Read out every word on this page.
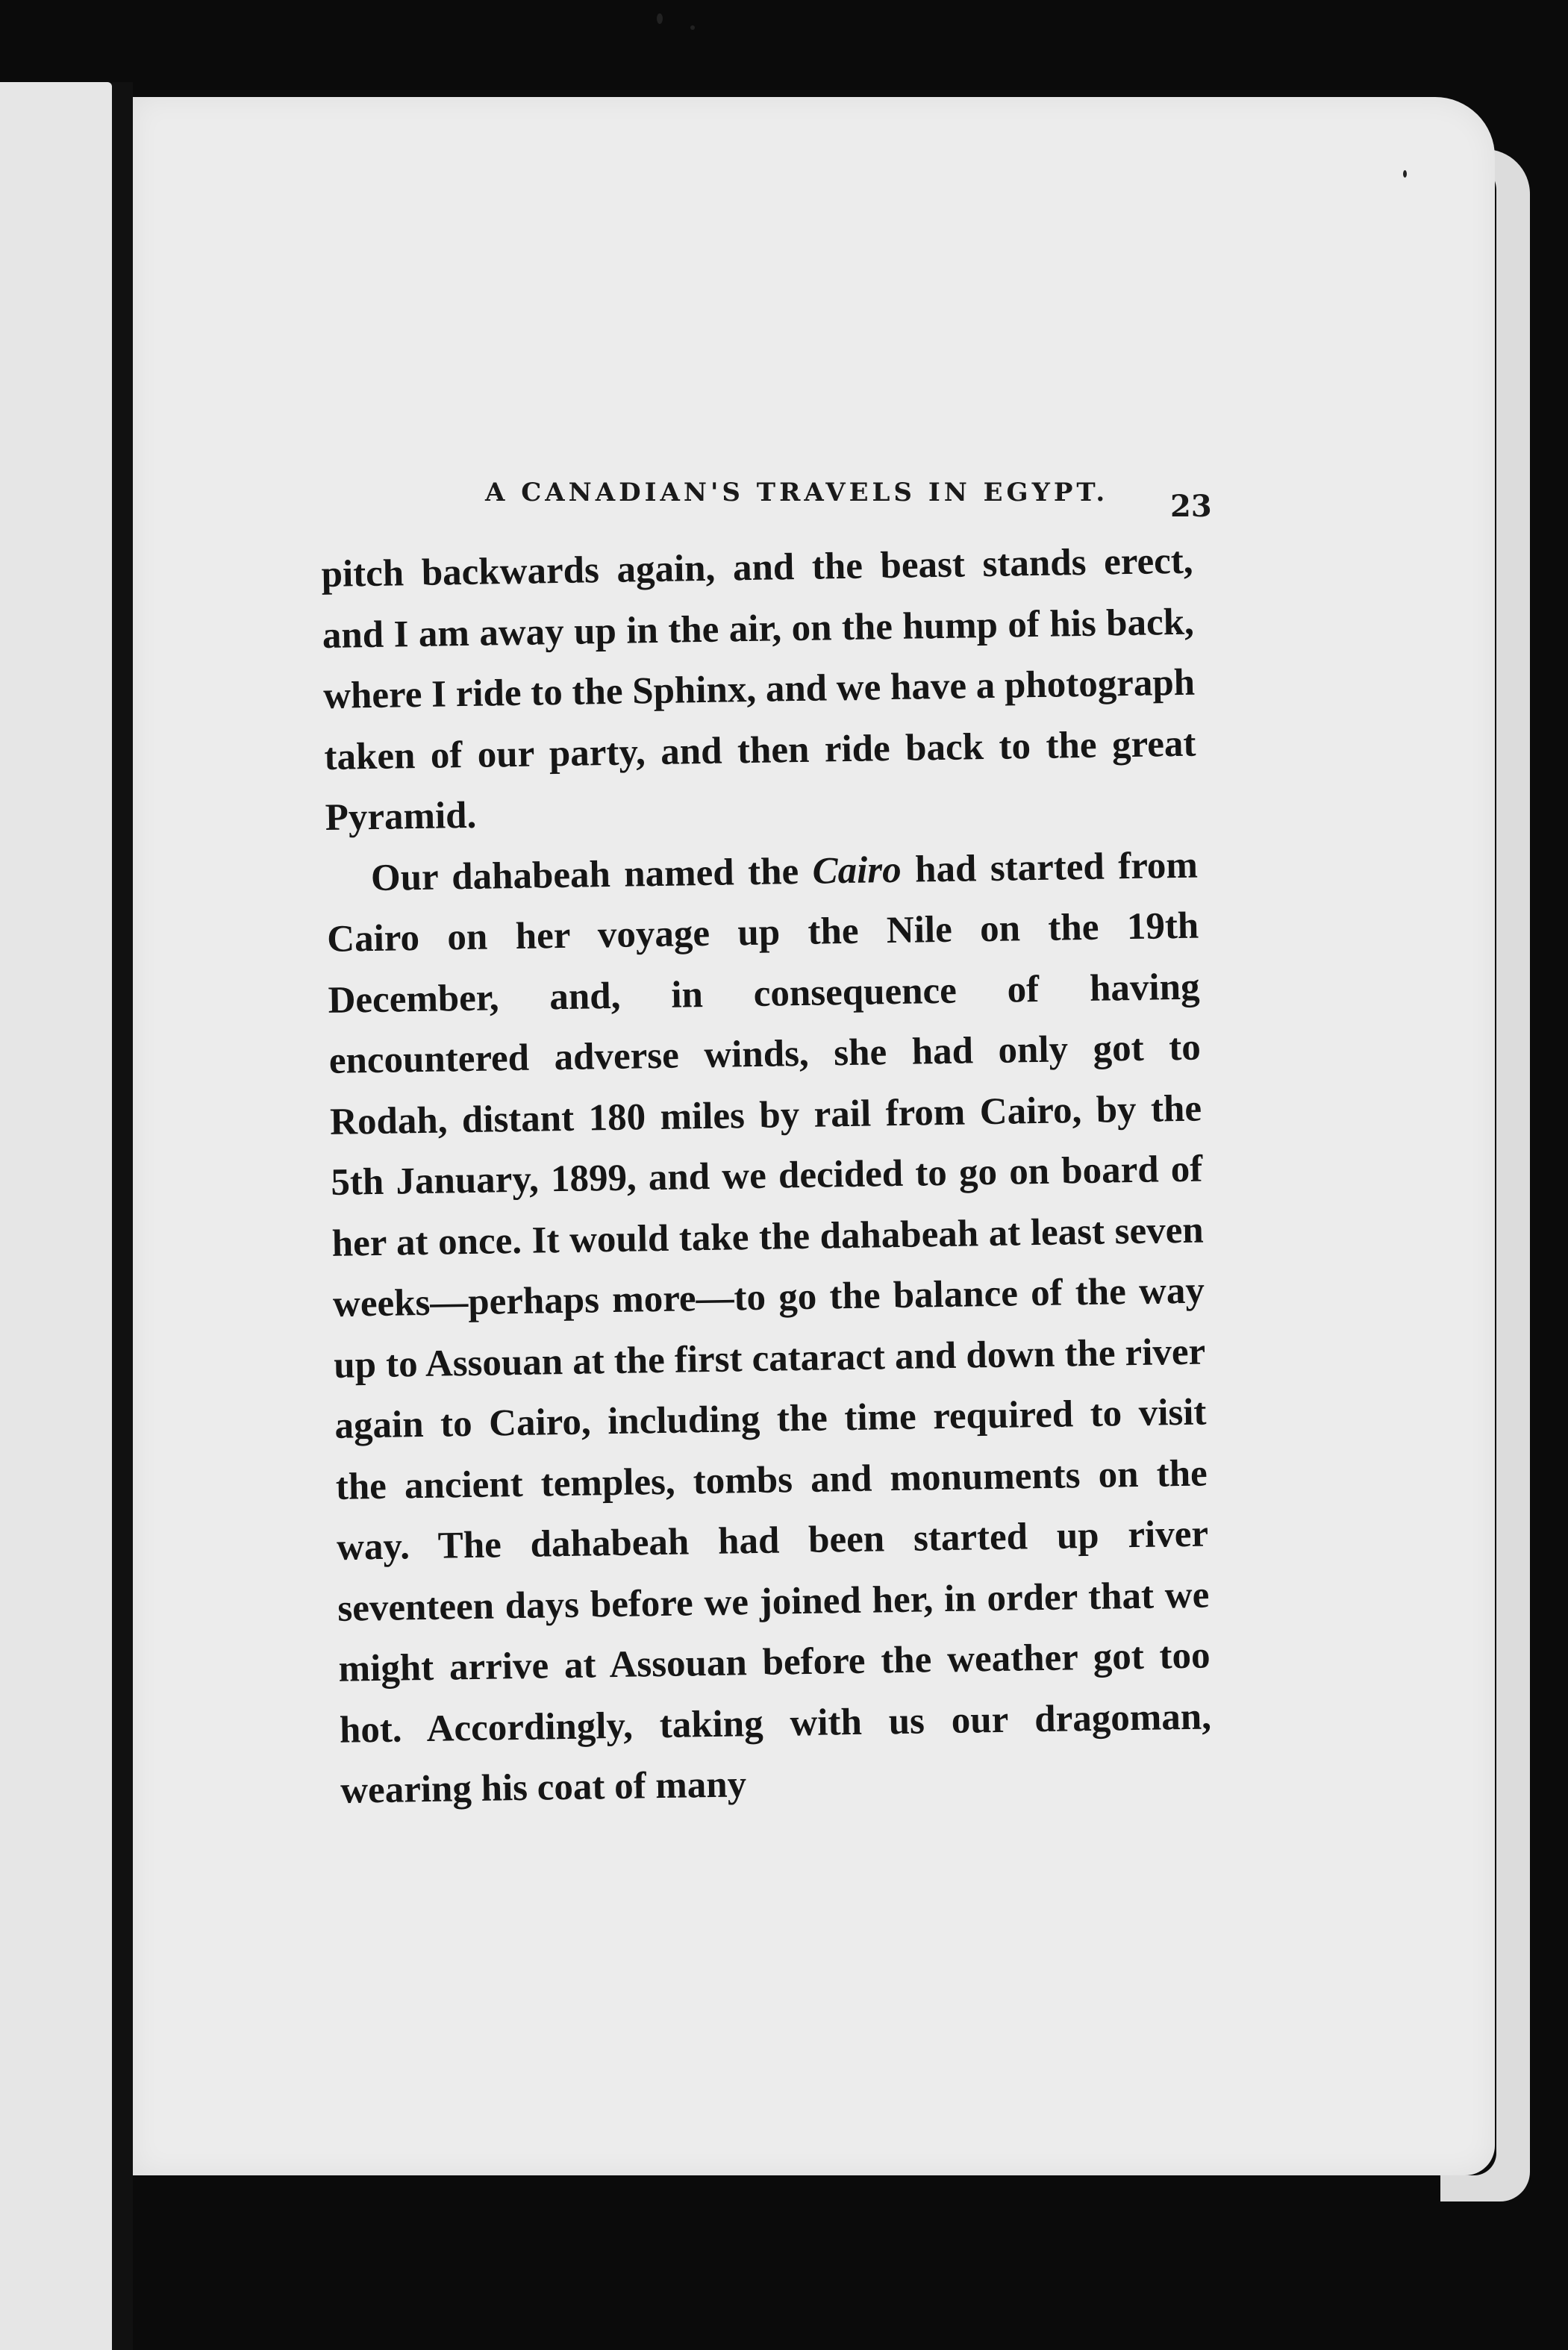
A CANADIAN'S TRAVELS IN EGYPT.	23

pitch backwards again, and the beast stands erect, and I am away up in the air, on the hump of his back, where I ride to the Sphinx, and we have a photograph taken of our party, and then ride back to the great Pyramid.

Our dahabeah named the Cairo had started from Cairo on her voyage up the Nile on the 19th December, and, in consequence of having encountered adverse winds, she had only got to Rodah, distant 180 miles by rail from Cairo, by the 5th January, 1899, and we decided to go on board of her at once. It would take the dahabeah at least seven weeks—perhaps more—to go the balance of the way up to Assouan at the first cataract and down the river again to Cairo, including the time required to visit the ancient temples, tombs and monuments on the way. The dahabeah had been started up river seventeen days before we joined her, in order that we might arrive at Assouan before the weather got too hot. Accordingly, taking with us our dragoman, wearing his coat of many
